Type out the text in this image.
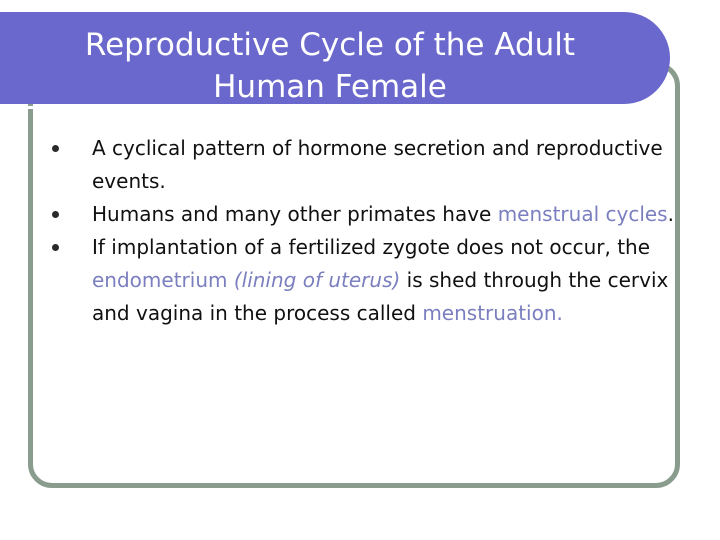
Reproductive Cycle of the Adult
Human Female
A cyclical pattern of hormone secretion and reproductive events.
Humans and many other primates have menstrual cycles.
If implantation of a fertilized zygote does not occur, the endometrium (lining of uterus) is shed through the cervix and vagina in the process called menstruation.
